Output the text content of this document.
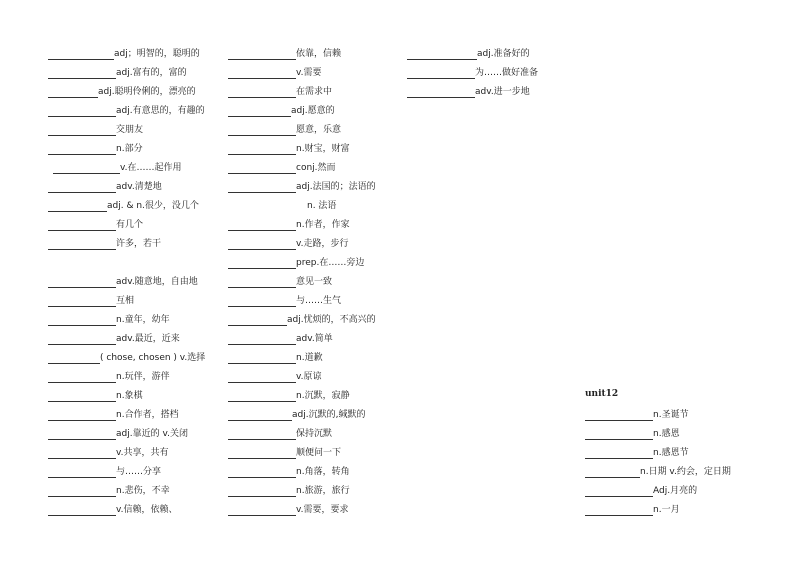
adj；明智的，聪明的
adj.富有的，富的
adj.聪明伶俐的，漂亮的
adj.有意思的，有趣的
交朋友
n.部分
v.在……起作用
adv.清楚地
adj. & n.很少，没几个
有几个
许多，若干
adv.随意地，自由地
互相
n.童年，幼年
adv.最近，近来
( chose, chosen ) v.选择
n.玩伴，游伴
n.象棋
n.合作者，搭档
adj.靠近的 v.关闭
v.共享，共有
与……分享
n.悲伤，不幸
v.信赖，依赖、
依靠，信赖
v.需要
在需求中
adj.愿意的
愿意，乐意
n.财宝，财富
conj.然而
adj.法国的；法语的
n. 法语
n.作者，作家
v.走路，步行
prep.在……旁边
意见一致
与……生气
adj.忧烦的，不高兴的
adv.简单
n.道歉
v.原谅
n.沉默，寂静
adj.沉默的,缄默的
保持沉默
顺便问一下
n.角落，转角
n.旅游，旅行
v.需要，要求
adj.准备好的
为……做好准备
adv.进一步地
unit12
n.圣诞节
n.感恩
n.感恩节
n.日期 v.约会，定日期
Adj.月亮的
n.一月
